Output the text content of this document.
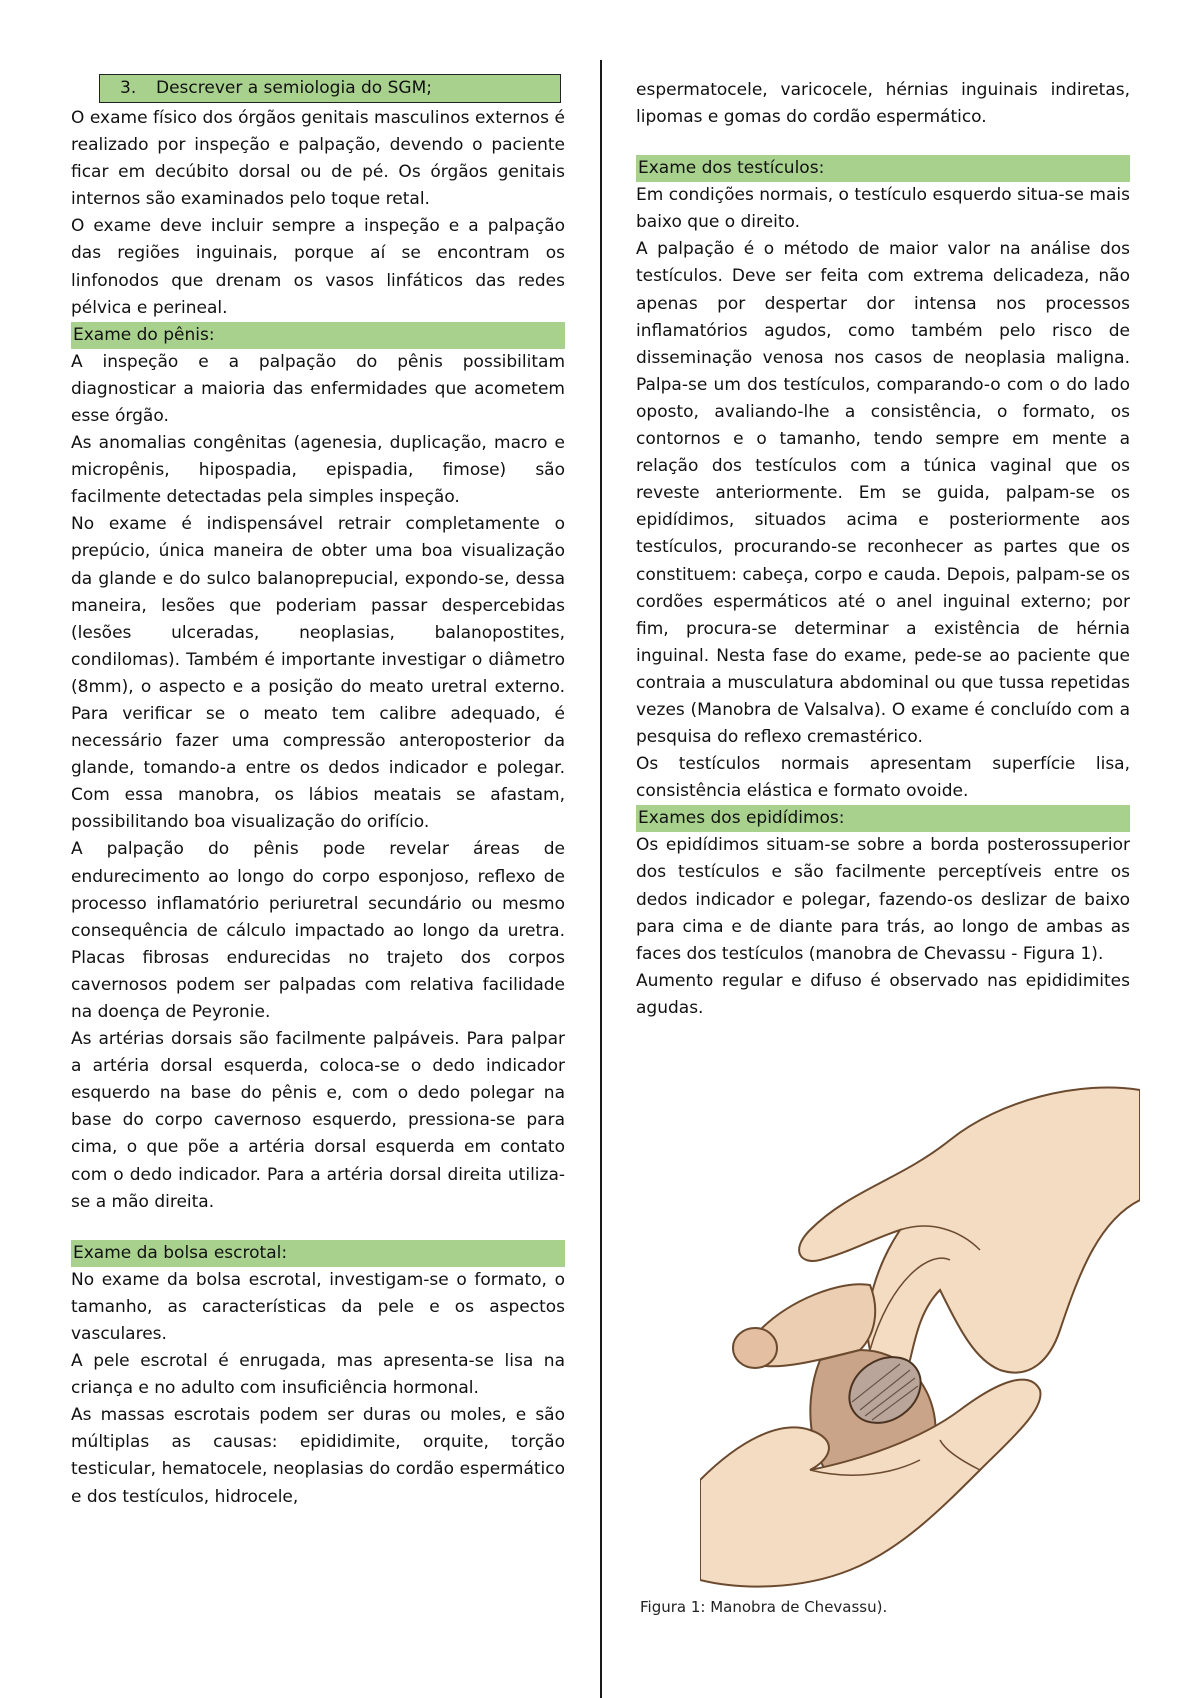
3. Descrever a semiologia do SGM;

O exame físico dos órgãos genitais masculinos externos é realizado por inspeção e palpação, devendo o paciente ficar em decúbito dorsal ou de pé. Os órgãos genitais internos são examinados pelo toque retal.

O exame deve incluir sempre a inspeção e a palpação das regiões inguinais, porque aí se encontram os linfonodos que drenam os vasos linfáticos das redes pélvica e perineal.

Exame do pênis:

A inspeção e a palpação do pênis possibilitam diagnosticar a maioria das enfermidades que acometem esse órgão.

As anomalias congênitas (agenesia, duplicação, macro e micropênis, hipospadia, epispadia, fimose) são facilmente detectadas pela simples inspeção.

No exame é indispensável retrair completamente o prepúcio, única maneira de obter uma boa visualização da glande e do sulco balanoprepucial, expondo-se, dessa maneira, lesões que poderiam passar despercebidas (lesões ulceradas, neoplasias, balanopostites, condilomas). Também é importante investigar o diâmetro (8mm), o aspecto e a posição do meato uretral externo. Para verificar se o meato tem calibre adequado, é necessário fazer uma compressão anteroposterior da glande, tomando-a entre os dedos indicador e polegar. Com essa manobra, os lábios meatais se afastam, possibilitando boa visualização do orifício.

A palpação do pênis pode revelar áreas de endurecimento ao longo do corpo esponjoso, reflexo de processo inflamatório periuretral secundário ou mesmo consequência de cálculo impactado ao longo da uretra. Placas fibrosas endurecidas no trajeto dos corpos cavernosos podem ser palpadas com relativa facilidade na doença de Peyronie.

As artérias dorsais são facilmente palpáveis. Para palpar a artéria dorsal esquerda, coloca-se o dedo indicador esquerdo na base do pênis e, com o dedo polegar na base do corpo cavernoso esquerdo, pressiona-se para cima, o que põe a artéria dorsal esquerda em contato com o dedo indicador. Para a artéria dorsal direita utiliza-se a mão direita.

Exame da bolsa escrotal:

No exame da bolsa escrotal, investigam-se o formato, o tamanho, as características da pele e os aspectos vasculares.

A pele escrotal é enrugada, mas apresenta-se lisa na criança e no adulto com insuficiência hormonal.

As massas escrotais podem ser duras ou moles, e são múltiplas as causas: epididimite, orquite, torção testicular, hematocele, neoplasias do cordão espermático e dos testículos, hidrocele,

espermatocele, varicocele, hérnias inguinais indiretas, lipomas e gomas do cordão espermático.

Exame dos testículos:

Em condições normais, o testículo esquerdo situa-se mais baixo que o direito.

A palpação é o método de maior valor na análise dos testículos. Deve ser feita com extrema delicadeza, não apenas por despertar dor intensa nos processos inflamatórios agudos, como também pelo risco de disseminação venosa nos casos de neoplasia maligna. Palpa-se um dos testículos, comparando-o com o do lado oposto, avaliando-lhe a consistência, o formato, os contornos e o tamanho, tendo sempre em mente a relação dos testículos com a túnica vaginal que os reveste anteriormente. Em se guida, palpam-se os epidídimos, situados acima e posteriormente aos testículos, procurando-se reconhecer as partes que os constituem: cabeça, corpo e cauda. Depois, palpam-se os cordões espermáticos até o anel inguinal externo; por fim, procura-se determinar a existência de hérnia inguinal. Nesta fase do exame, pede-se ao paciente que contraia a musculatura abdominal ou que tussa repetidas vezes (Manobra de Valsalva). O exame é concluído com a pesquisa do reflexo cremastérico.

Os testículos normais apresentam superfície lisa, consistência elástica e formato ovoide.

Exames dos epidídimos:

Os epidídimos situam-se sobre a borda posterossuperior dos testículos e são facilmente perceptíveis entre os dedos indicador e polegar, fazendo-os deslizar de baixo para cima e de diante para trás, ao longo de ambas as faces dos testículos (manobra de Chevassu - Figura 1).

Aumento regular e difuso é observado nas epididimites agudas.

Figura 1: Manobra de Chevassu).
